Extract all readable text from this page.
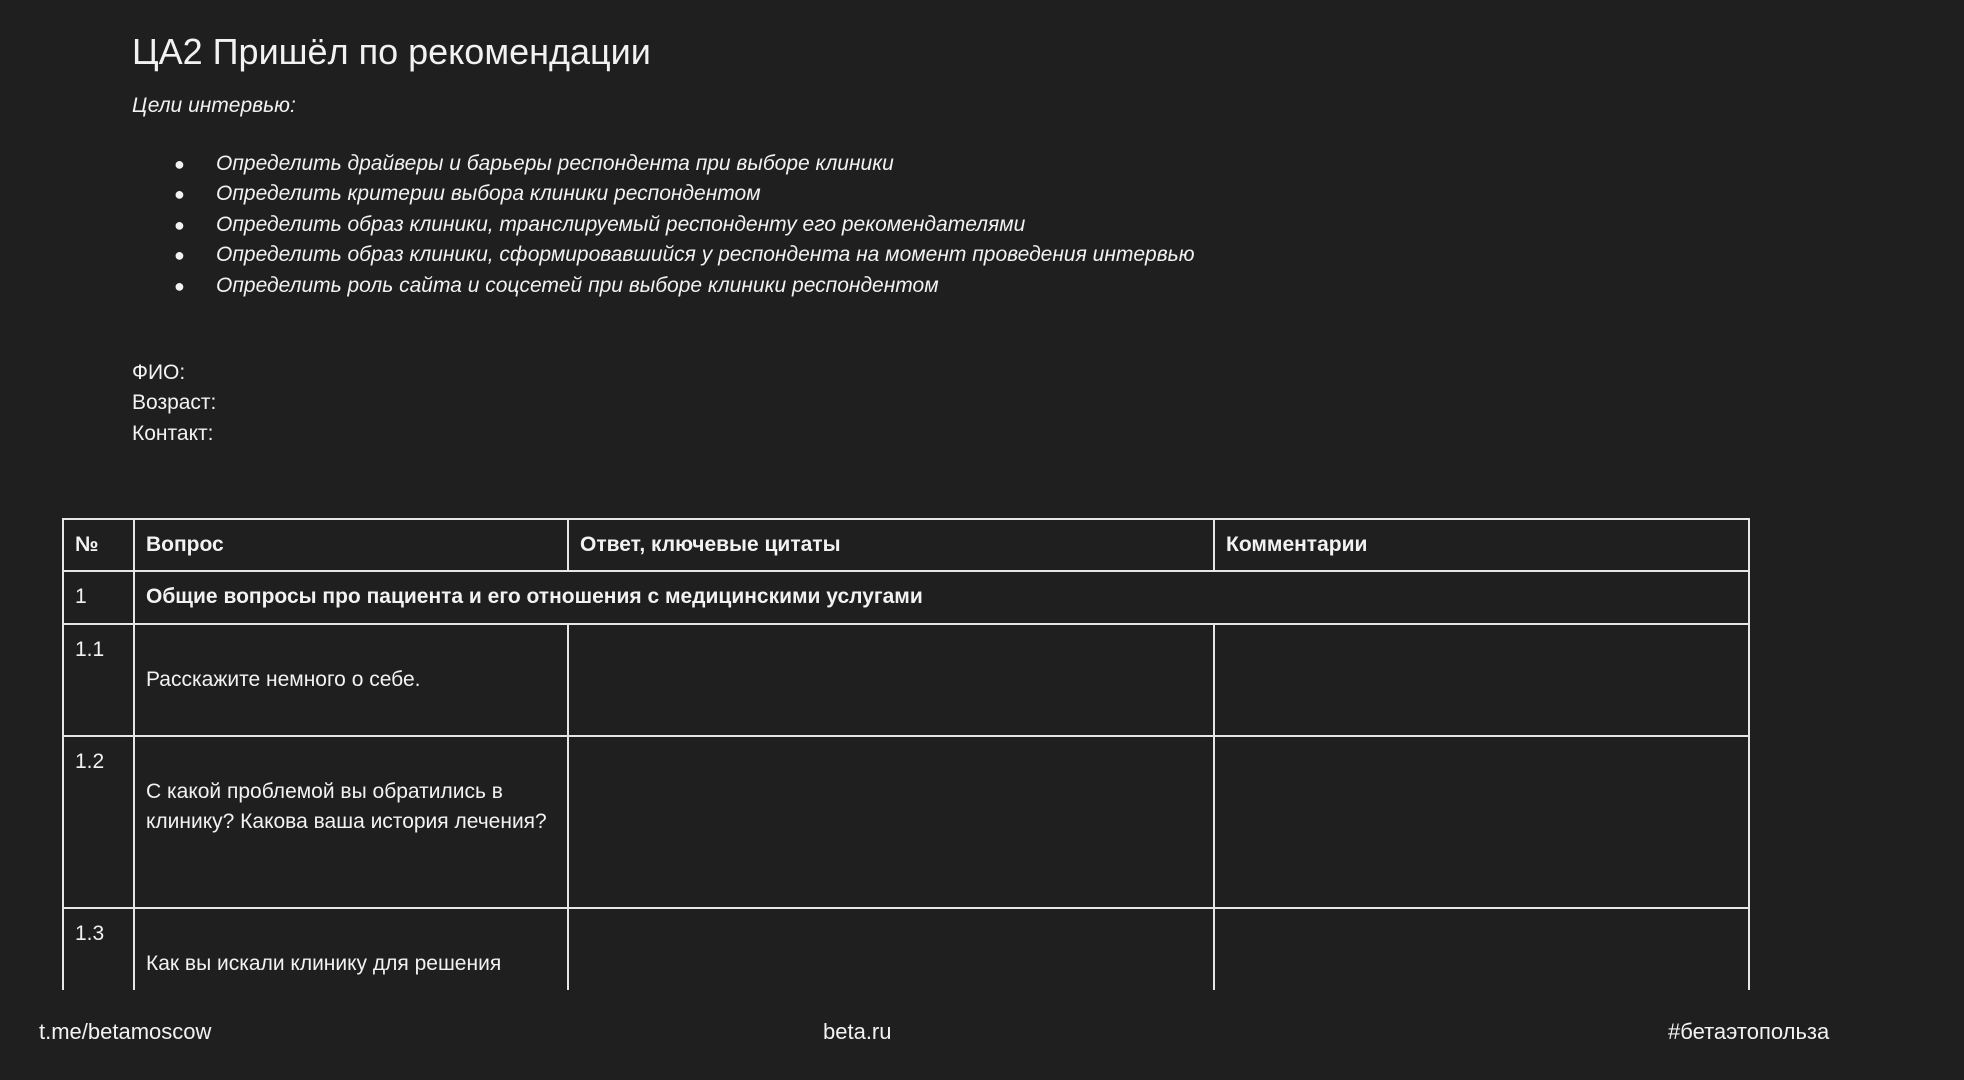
ЦА2 Пришёл по рекомендации
Цели интервью:
● Определить драйверы и барьеры респондента при выборе клиники
● Определить критерии выбора клиники респондентом
● Определить образ клиники, транслируемый респонденту его рекомендателями
● Определить образ клиники, сформировавшийся у респондента на момент проведения интервью
● Определить роль сайта и соцсетей при выборе клиники респондентом
ФИО:
Возраст:
Контакт:
№	Вопрос	Ответ, ключевые цитаты	Комментарии
1	Общие вопросы про пациента и его отношения с медицинскими услугами		
1.1	Расскажите немного о себе.		

1.2	С какой проблемой вы обратились в клинику? Какова ваша история лечения?		

1.3	Как вы искали клинику для решения		

t.me/betamoscow	beta.ru	#бетаэтопольза
